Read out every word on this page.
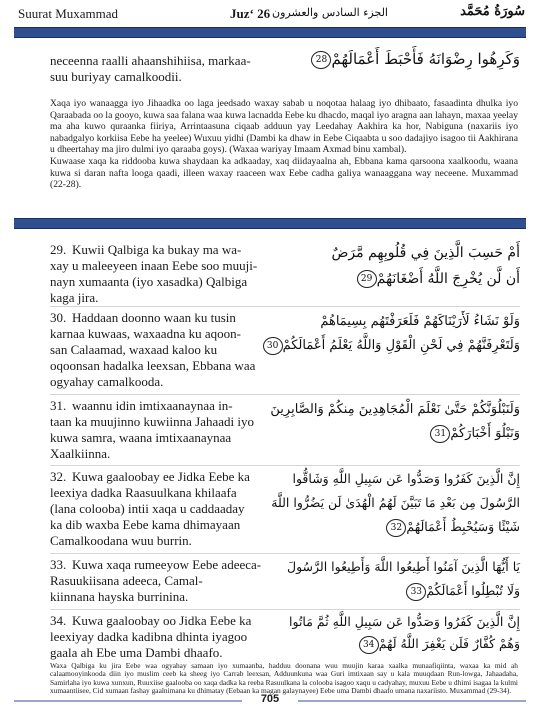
Suurat Muxammad	Juz‘ 26 الجزء السادس والعشرون	سُورَةُ مُحَمَّد
neceenna raalli ahaanshihiisa, markaa-
suu buriyay camalkoodii.
وَكَرِهُوا رِضْوَانَهُ فَأَحْبَطَ أَعْمَالَهُمْ28
Xaqa iyo wanaagga iyo Jihaadka oo laga jeedsado waxay sabab u noqotaa halaag iyo dhibaato, fasaadinta dhulka iyo Qaraabada oo la gooyo, kuwa saa falana waa kuwa lacnadda Eebe ku dhacdo, maqal iyo aragna aan lahayn, maxaa yeelay ma aha kuwo quraanka fiiriya, Arrintaasuna ciqaab adduun yay Leedahay Aakhira ka hor, Nabiguna (naxariis iyo nabadgalyo korkiisa Eebe ha yeelee) Wuxuu yidhi (Dambi ka dhaw in Eebe Ciqaabta u soo dadajiyo isagoo tii Aakhirana u dheertahay ma jiro dulmi iyo qaraaba goys). (Waxaa wariyay Imaam Axmad binu xambal).
Kuwaase xaqa ka riddooba kuwa shaydaan ka adkaaday, xaq diidayaalna ah, Ebbana kama qarsoona xaalkoodu, waana kuwa si daran nafta looga qaadi, illeen waxay raaceen wax Eebe cadha galiya wanaaggana way neceene. Muxammad (22-28).
29. Kuwii Qalbiga ka bukay ma wa-
xay u maleeyeen inaan Eebe soo muuji-
nayn xumaanta (iyo xasadka) Qalbiga
kaga jira.
أَمْ حَسِبَ الَّذِينَ فِي قُلُوبِهِم مَّرَضٌ
أَن لَّن يُخْرِجَ اللَّهُ أَضْغَانَهُمْ29
30. Haddaan doonno waan ku tusin
karnaa kuwaas, waxaadna ku aqoon-
san Calaamad, waxaad kaloo ku
oqoonsan hadalka leexsan, Ebbana waa
ogyahay camalkooda.
وَلَوْ نَشَاءُ لَأَرَيْنَاكَهُمْ فَلَعَرَفْتَهُم بِسِيمَاهُمْ
وَلَتَعْرِفَنَّهُمْ فِي لَحْنِ الْقَوْلِ وَاللَّهُ يَعْلَمُ أَعْمَالَكُمْ30
31. waannu idin imtixaanaynaa in-
taan ka muujinno kuwiinna Jahaadi iyo
kuwa samra, waana imtixaanaynaa
Xaalkiinna.
وَلَنَبْلُوَنَّكُمْ حَتَّىٰ نَعْلَمَ الْمُجَاهِدِينَ مِنكُمْ وَالصَّابِرِينَ
وَنَبْلُوَ أَخْبَارَكُمْ31
32. Kuwa gaaloobay ee Jidka Eebe ka
leexiya dadka Raasuulkana khilaafa
(lana colooba) intii xaqa u caddaaday
ka dib waxba Eebe kama dhimayaan
Camalkoodana wuu burrin.
إِنَّ الَّذِينَ كَفَرُوا وَصَدُّوا عَن سَبِيلِ اللَّهِ وَشَاقُّوا
الرَّسُولَ مِن بَعْدِ مَا تَبَيَّنَ لَهُمُ الْهُدَىٰ لَن يَضُرُّوا اللَّهَ
شَيْئًا وَسَيُحْبِطُ أَعْمَالَهُمْ32
33. Kuwa xaqa rumeeyow Eebe adeeca-
Rasuukiisana adeeca, Camal-
kiinnana hayska burrinina.
يَا أَيُّهَا الَّذِينَ آمَنُوا أَطِيعُوا اللَّهَ وَأَطِيعُوا الرَّسُولَ
وَلَا تُبْطِلُوا أَعْمَالَكُمْ33
34. Kuwa gaaloobay oo Jidka Eebe ka
leexiyay dadka kadibna dhinta iyagoo
gaala ah Ebe uma Dambi dhaafo.
إِنَّ الَّذِينَ كَفَرُوا وَصَدُّوا عَن سَبِيلِ اللَّهِ ثُمَّ مَاتُوا
وَهُمْ كُفَّارٌ فَلَن يَغْفِرَ اللَّهُ لَهُمْ34
Waxa Qalbiga ku jira Eebe waa ogyahay samaan iyo xumaanba, hadduu doonana wuu muujin karaa xaalka munaafiqiinta, waxaa ka mid ah calaamooyinkooda diin iyo muslim ceeb ka sheeg iyo Carrab leexsan, Adduunkuna waa Guri imtixaan say u kala muuqdaan Run-lowga, Jahaadaha, Samirlaha iyo kuwa xunxun, Ruuxiise gaalooba oo xaqa dadka ka reeba Rasuulkana la colooba isagoo xaqu u cadyahay, muxuu Eebe u dhimi isagaa la kulmi xumaantiisee, Cid xumaan fashay gaalnimana ku dhimatay (Eebaan ka magan galaynayee) Eebe uma Dambi dhaafo umana naxariisto. Muxammad (29-34).
705
